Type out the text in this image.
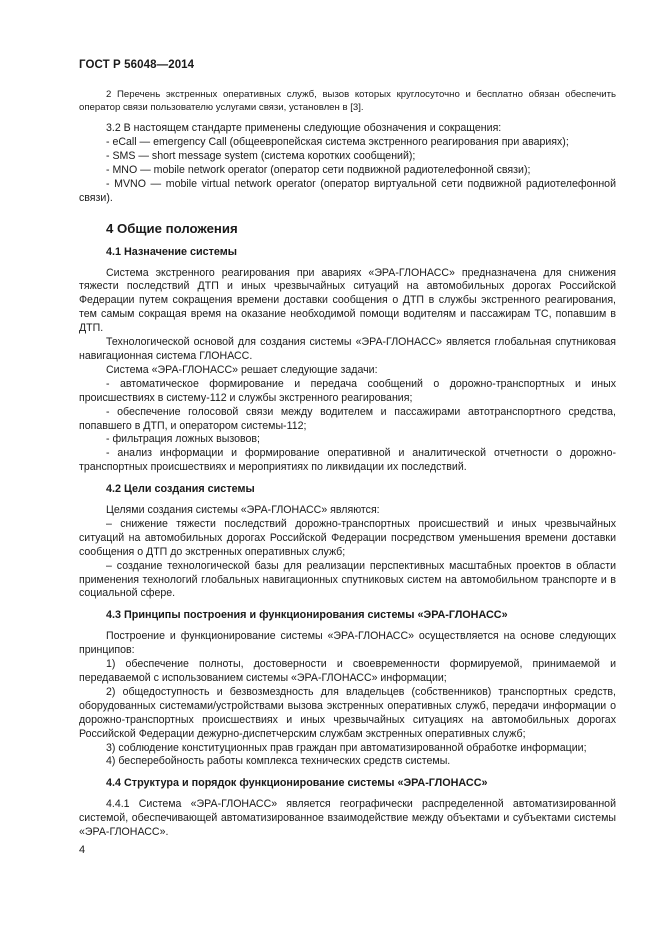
ГОСТ Р 56048—2014

2 Перечень экстренных оперативных служб, вызов которых круглосуточно и бесплатно обязан обеспечить оператор связи пользователю услугами связи, установлен в [3].

3.2 В настоящем стандарте применены следующие обозначения и сокращения:

- eCall — emergency Call (общеевропейская система экстренного реагирования при авариях);

- SMS — short message system (система коротких сообщений);

- MNO — mobile network operator (оператор сети подвижной радиотелефонной связи);

- MVNO — mobile virtual network operator (оператор виртуальной сети подвижной радиотелефонной связи).

4 Общие положения

4.1 Назначение системы

Система экстренного реагирования при авариях «ЭРА-ГЛОНАСС» предназначена для снижения тяжести последствий ДТП и иных чрезвычайных ситуаций на автомобильных дорогах Российской Федерации путем сокращения времени доставки сообщения о ДТП в службы экстренного реагирования, тем самым сокращая время на оказание необходимой помощи водителям и пассажирам ТС, попавшим в ДТП.

Технологической основой для создания системы «ЭРА-ГЛОНАСС» является глобальная спутниковая навигационная система ГЛОНАСС.

Система «ЭРА-ГЛОНАСС» решает следующие задачи:

- автоматическое формирование и передача сообщений о дорожно-транспортных и иных происшествиях в систему-112 и службы экстренного реагирования;

- обеспечение голосовой связи между водителем и пассажирами автотранспортного средства, попавшего в ДТП, и оператором системы-112;

- фильтрация ложных вызовов;

- анализ информации и формирование оперативной и аналитической отчетности о дорожно-транспортных происшествиях и мероприятиях по ликвидации их последствий.

4.2 Цели создания системы

Целями создания системы «ЭРА-ГЛОНАСС» являются:

– снижение тяжести последствий дорожно-транспортных происшествий и иных чрезвычайных ситуаций на автомобильных дорогах Российской Федерации посредством уменьшения времени доставки сообщения о ДТП до экстренных оперативных служб;

– создание технологической базы для реализации перспективных масштабных проектов в области применения технологий глобальных навигационных спутниковых систем на автомобильном транспорте и в социальной сфере.

4.3 Принципы построения и функционирования системы «ЭРА-ГЛОНАСС»

Построение и функционирование системы «ЭРА-ГЛОНАСС» осуществляется на основе следующих принципов:

1) обеспечение полноты, достоверности и своевременности формируемой, принимаемой и передаваемой с использованием системы «ЭРА-ГЛОНАСС» информации;

2) общедоступность и безвозмездность для владельцев (собственников) транспортных средств, оборудованных системами/устройствами вызова экстренных оперативных служб, передачи информации о дорожно-транспортных происшествиях и иных чрезвычайных ситуациях на автомобильных дорогах Российской Федерации дежурно-диспетчерским службам экстренных оперативных служб;

3) соблюдение конституционных прав граждан при автоматизированной обработке информации;

4) бесперебойность работы комплекса технических средств системы.

4.4 Структура и порядок функционирование системы «ЭРА-ГЛОНАСС»

4.4.1 Система «ЭРА-ГЛОНАСС» является географически распределенной автоматизированной системой, обеспечивающей автоматизированное взаимодействие между объектами и субъектами системы «ЭРА-ГЛОНАСС».

4
